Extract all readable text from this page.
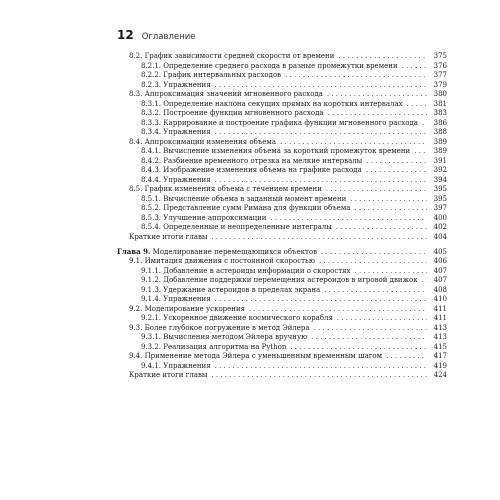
12 Оглавление
8.2. График зависимости средней скорости от времени . . .	375
8.2.1. Определение среднего расхода в разные промежутки времени . . .	376
8.2.2. График интервальных расходов . . .	377
8.2.3. Упражнения . . .	379
8.3. Аппроксимация значений мгновенного расхода . . .	380
8.3.1. Определение наклона секущих прямых на коротких интервалах . . .	381
8.3.2. Построение функции мгновенного расхода . . .	383
8.3.3. Каррирование и построение графика функции мгновенного расхода . . .	386
8.3.4. Упражнения . . .	388
8.4. Аппроксимации изменения объема . . .	389
8.4.1. Вычисление изменения объема за короткий промежуток времени . . .	389
8.4.2. Разбиение временного отрезка на мелкие интервалы . . .	391
8.4.3. Изображение изменения объема на графике расхода . . .	392
8.4.4. Упражнения . . .	394
8.5. График изменения объема с течением времени . . .	395
8.5.1. Вычисление объема в заданный момент времени . . .	395
8.5.2. Представление сумм Римана для функции объема . . .	397
8.5.3. Улучшение аппроксимации . . .	400
8.5.4. Определенные и неопределенные интегралы . . .	402
Краткие итоги главы . . .	404
Глава 9. Моделирование перемещающихся объектов . . .	405
9.1. Имитация движения с постоянной скоростью . . .	406
9.1.1. Добавление в астероиды информации о скоростях . . .	407
9.1.2. Добавление поддержки перемещения астероидов в игровой движок . . .	407
9.1.3. Удержание астероидов в пределах экрана . . .	408
9.1.4. Упражнения . . .	410
9.2. Моделирование ускорения . . .	411
9.2.1. Ускоренное движение космического корабля . . .	411
9.3. Более глубокое погружение в метод Эйлера . . .	413
9.3.1. Вычисления методом Эйлера вручную . . .	413
9.3.2. Реализация алгоритма на Python . . .	415
9.4. Применение метода Эйлера с уменьшенным временным шагом . . .	417
9.4.1. Упражнения . . .	419
Краткие итоги главы . . .	424
